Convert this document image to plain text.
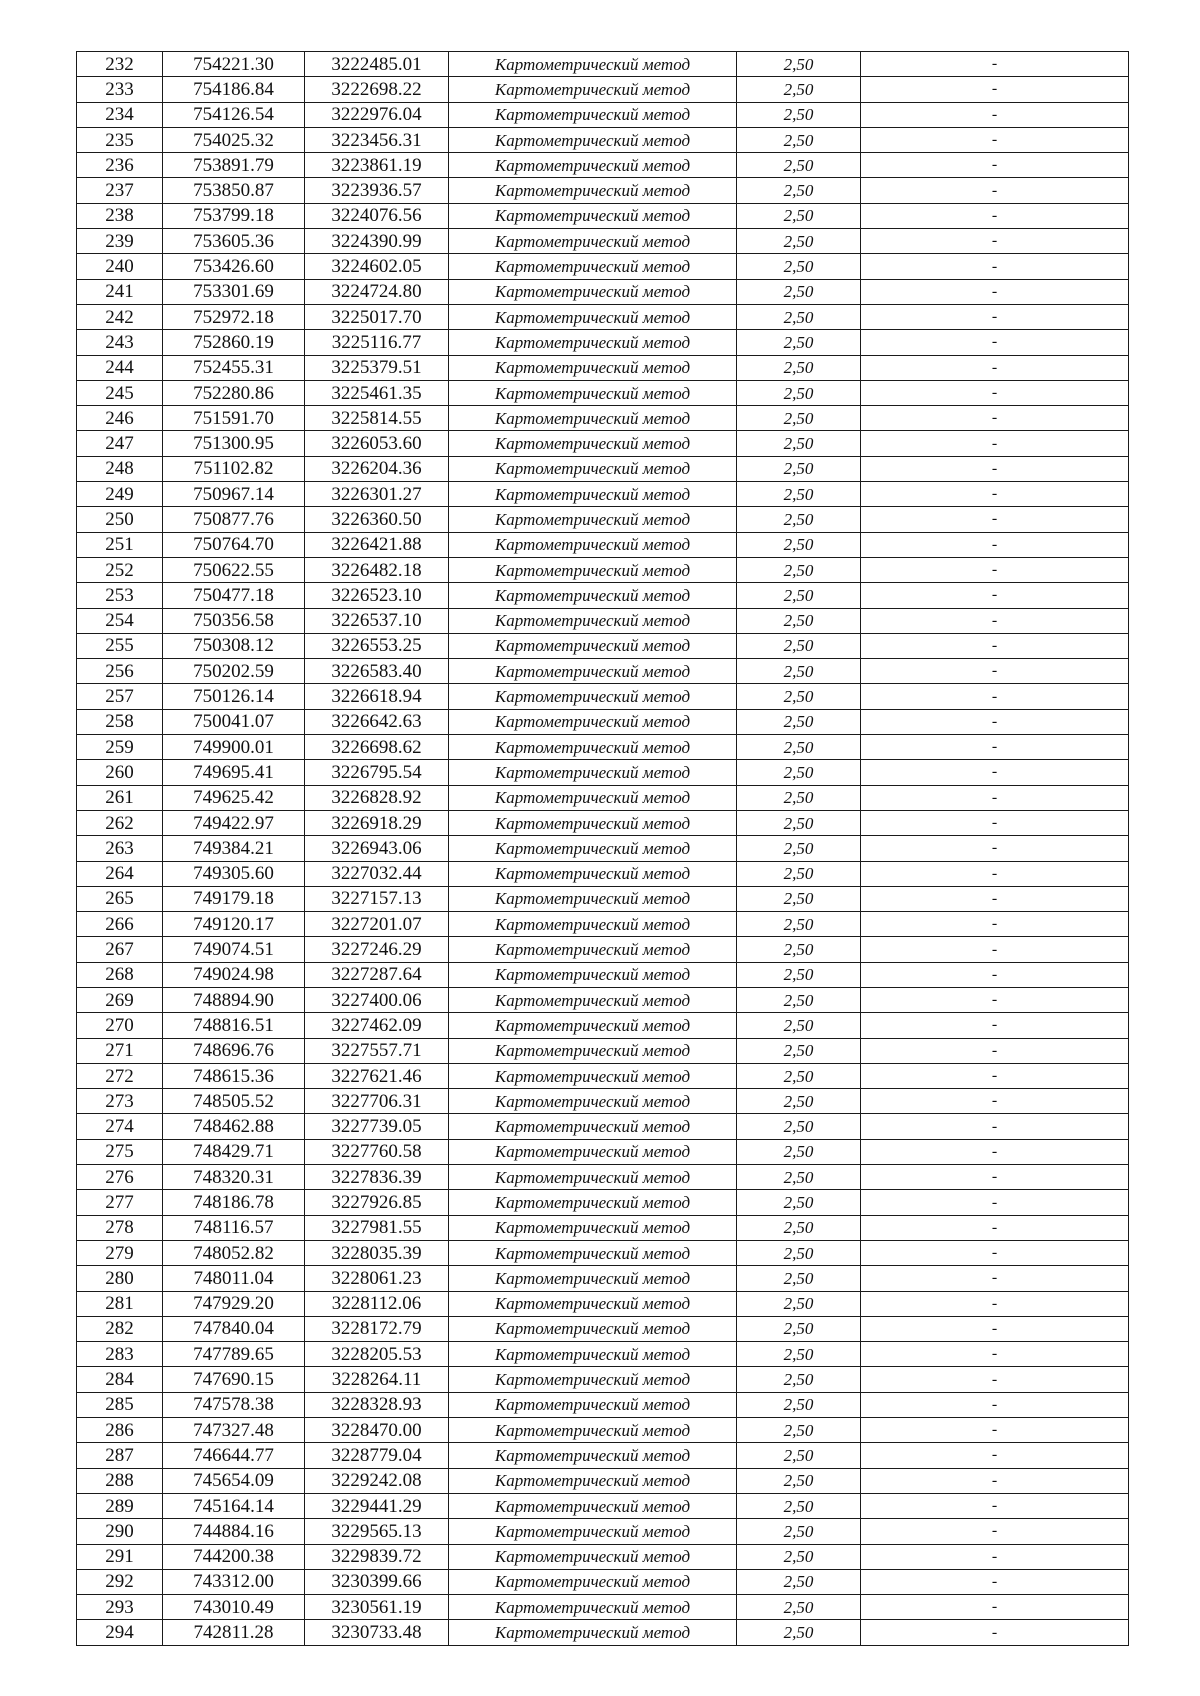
232	754221.30	3222485.01	Картометрический метод	2,50	-
233	754186.84	3222698.22	Картометрический метод	2,50	-
234	754126.54	3222976.04	Картометрический метод	2,50	-
235	754025.32	3223456.31	Картометрический метод	2,50	-
236	753891.79	3223861.19	Картометрический метод	2,50	-
237	753850.87	3223936.57	Картометрический метод	2,50	-
238	753799.18	3224076.56	Картометрический метод	2,50	-
239	753605.36	3224390.99	Картометрический метод	2,50	-
240	753426.60	3224602.05	Картометрический метод	2,50	-
241	753301.69	3224724.80	Картометрический метод	2,50	-
242	752972.18	3225017.70	Картометрический метод	2,50	-
243	752860.19	3225116.77	Картометрический метод	2,50	-
244	752455.31	3225379.51	Картометрический метод	2,50	-
245	752280.86	3225461.35	Картометрический метод	2,50	-
246	751591.70	3225814.55	Картометрический метод	2,50	-
247	751300.95	3226053.60	Картометрический метод	2,50	-
248	751102.82	3226204.36	Картометрический метод	2,50	-
249	750967.14	3226301.27	Картометрический метод	2,50	-
250	750877.76	3226360.50	Картометрический метод	2,50	-
251	750764.70	3226421.88	Картометрический метод	2,50	-
252	750622.55	3226482.18	Картометрический метод	2,50	-
253	750477.18	3226523.10	Картометрический метод	2,50	-
254	750356.58	3226537.10	Картометрический метод	2,50	-
255	750308.12	3226553.25	Картометрический метод	2,50	-
256	750202.59	3226583.40	Картометрический метод	2,50	-
257	750126.14	3226618.94	Картометрический метод	2,50	-
258	750041.07	3226642.63	Картометрический метод	2,50	-
259	749900.01	3226698.62	Картометрический метод	2,50	-
260	749695.41	3226795.54	Картометрический метод	2,50	-
261	749625.42	3226828.92	Картометрический метод	2,50	-
262	749422.97	3226918.29	Картометрический метод	2,50	-
263	749384.21	3226943.06	Картометрический метод	2,50	-
264	749305.60	3227032.44	Картометрический метод	2,50	-
265	749179.18	3227157.13	Картометрический метод	2,50	-
266	749120.17	3227201.07	Картометрический метод	2,50	-
267	749074.51	3227246.29	Картометрический метод	2,50	-
268	749024.98	3227287.64	Картометрический метод	2,50	-
269	748894.90	3227400.06	Картометрический метод	2,50	-
270	748816.51	3227462.09	Картометрический метод	2,50	-
271	748696.76	3227557.71	Картометрический метод	2,50	-
272	748615.36	3227621.46	Картометрический метод	2,50	-
273	748505.52	3227706.31	Картометрический метод	2,50	-
274	748462.88	3227739.05	Картометрический метод	2,50	-
275	748429.71	3227760.58	Картометрический метод	2,50	-
276	748320.31	3227836.39	Картометрический метод	2,50	-
277	748186.78	3227926.85	Картометрический метод	2,50	-
278	748116.57	3227981.55	Картометрический метод	2,50	-
279	748052.82	3228035.39	Картометрический метод	2,50	-
280	748011.04	3228061.23	Картометрический метод	2,50	-
281	747929.20	3228112.06	Картометрический метод	2,50	-
282	747840.04	3228172.79	Картометрический метод	2,50	-
283	747789.65	3228205.53	Картометрический метод	2,50	-
284	747690.15	3228264.11	Картометрический метод	2,50	-
285	747578.38	3228328.93	Картометрический метод	2,50	-
286	747327.48	3228470.00	Картометрический метод	2,50	-
287	746644.77	3228779.04	Картометрический метод	2,50	-
288	745654.09	3229242.08	Картометрический метод	2,50	-
289	745164.14	3229441.29	Картометрический метод	2,50	-
290	744884.16	3229565.13	Картометрический метод	2,50	-
291	744200.38	3229839.72	Картометрический метод	2,50	-
292	743312.00	3230399.66	Картометрический метод	2,50	-
293	743010.49	3230561.19	Картометрический метод	2,50	-
294	742811.28	3230733.48	Картометрический метод	2,50	-
